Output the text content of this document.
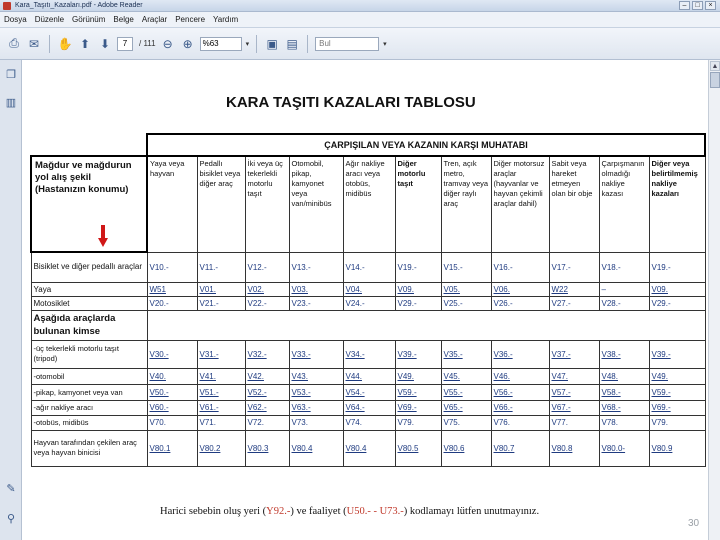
Kara_Taşıtı_Kazaları.pdf - Adobe Reader	–	□	×
Dosya Düzenle Görünüm Belge Araçlar Pencere Yardım
⎙ ✉ ✋ ⬆ ⬇	7	/ 111 ⊖ ⊕	%63	▾ ▣ ▤	Bul	▾
❐
▥
✎
⚲
▲
KARA TAŞITI KAZALARI TABLOSU
	ÇARPIŞILAN VEYA KAZANIN KARŞI MUHATABI										
Mağdur ve mağdurun yol alış şekil (Hastanızın konumu)	Yaya veya hayvan	Pedallı bisiklet veya diğer araç	İki veya üç tekerlekli motorlu taşıt	Otomobil, pikap, kamyonet veya van/minibüs	Ağır nakliye aracı veya otobüs, midibüs	Diğer motorlu taşıt	Tren, açık metro, tramvay veya diğer raylı araç	Diğer motorsuz araçlar (hayvanlar ve hayvan çekimli araçlar dahil)	Sabit veya hareket etmeyen olan bir obje	Çarpışmanın olmadığı nakliye kazası	Diğer veya belirtilmemiş nakliye kazaları
Bisiklet ve diğer pedallı araçlar	V10.-	V11.-	V12.-	V13.-	V14.-	V19.-	V15.-	V16.-	V17.-	V18.-	V19.-
Yaya	W51	V01.	V02.	V03.	V04.	V09.	V05.	V06.	W22	–	V09.
Motosiklet	V20.-	V21.-	V22.-	V23.-	V24.-	V29.-	V25.-	V26.-	V27.-	V28.-	V29.-
Aşağıda araçlarda bulunan kimse											
-üç tekerlekli motorlu taşıt (tripod)	V30.-	V31.-	V32.-	V33.-	V34.-	V39.-	V35.-	V36.-	V37.-	V38.-	V39.-
-otomobil	V40.	V41.	V42.	V43.	V44.	V49.	V45.	V46.	V47.	V48.	V49.
-pikap, kamyonet veya van	V50.-	V51.-	V52.-	V53.-	V54.-	V59.-	V55.-	V56.-	V57.-	V58.-	V59.-
-ağır nakliye aracı	V60.-	V61.-	V62.-	V63.-	V64.-	V69.-	V65.-	V66.-	V67.-	V68.-	V69.-
-otobüs, midibüs	V70.	V71.	V72.	V73.	V74.	V79.	V75.	V76.	V77.	V78.	V79.
Hayvan tarafından çekilen araç veya hayvan binicisi	V80.1	V80.2	V80.3	V80.4	V80.4	V80.5	V80.6	V80.7	V80.8	V80.0-	V80.9
Harici sebebin oluş yeri (Y92.-) ve faaliyet (U50.- - U73.-) kodlamayı lütfen unutmayınız.
30
